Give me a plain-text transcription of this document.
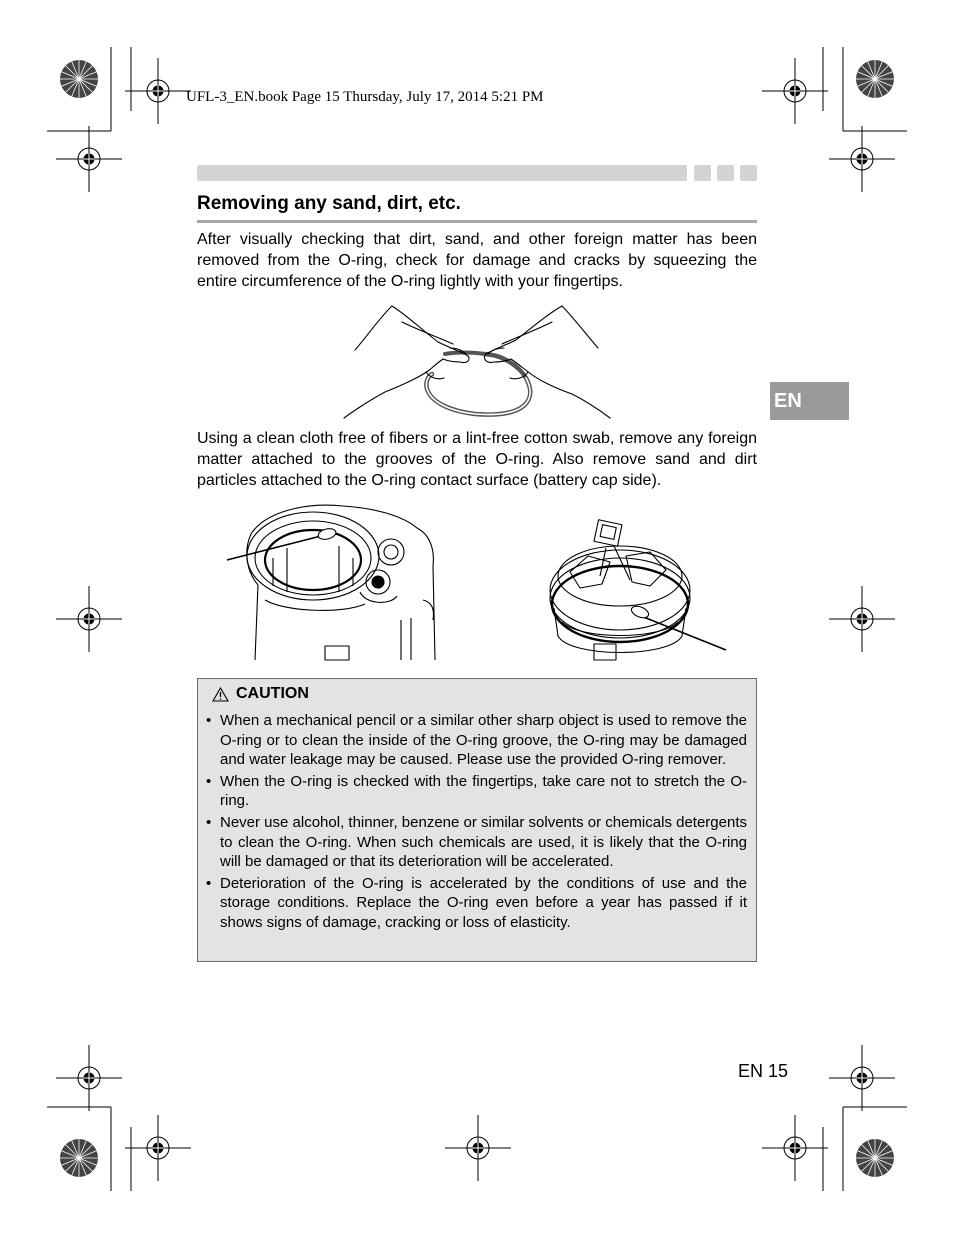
UFL-3_EN.book Page 15 Thursday, July 17, 2014 5:21 PM
Removing any sand, dirt, etc.

After visually checking that dirt, sand, and other foreign matter has been removed from the O-ring, check for damage and cracks by squeezing the entire circumference of the O-ring lightly with your fingertips.

EN

Using a clean cloth free of fibers or a lint-free cotton swab, remove any foreign matter attached to the grooves of the O-ring. Also remove sand and dirt particles attached to the O-ring contact surface (battery cap side).

CAUTION
• When a mechanical pencil or a similar other sharp object is used to remove the O-ring or to clean the inside of the O-ring groove, the O-ring may be damaged and water leakage may be caused. Please use the provided O-ring remover.
• When the O-ring is checked with the fingertips, take care not to stretch the O-ring.
• Never use alcohol, thinner, benzene or similar solvents or chemicals detergents to clean the O-ring. When such chemicals are used, it is likely that the O-ring will be damaged or that its deterioration will be accelerated.
• Deterioration of the O-ring is accelerated by the conditions of use and the storage conditions. Replace the O-ring even before a year has passed if it shows signs of damage, cracking or loss of elasticity.
EN 15
